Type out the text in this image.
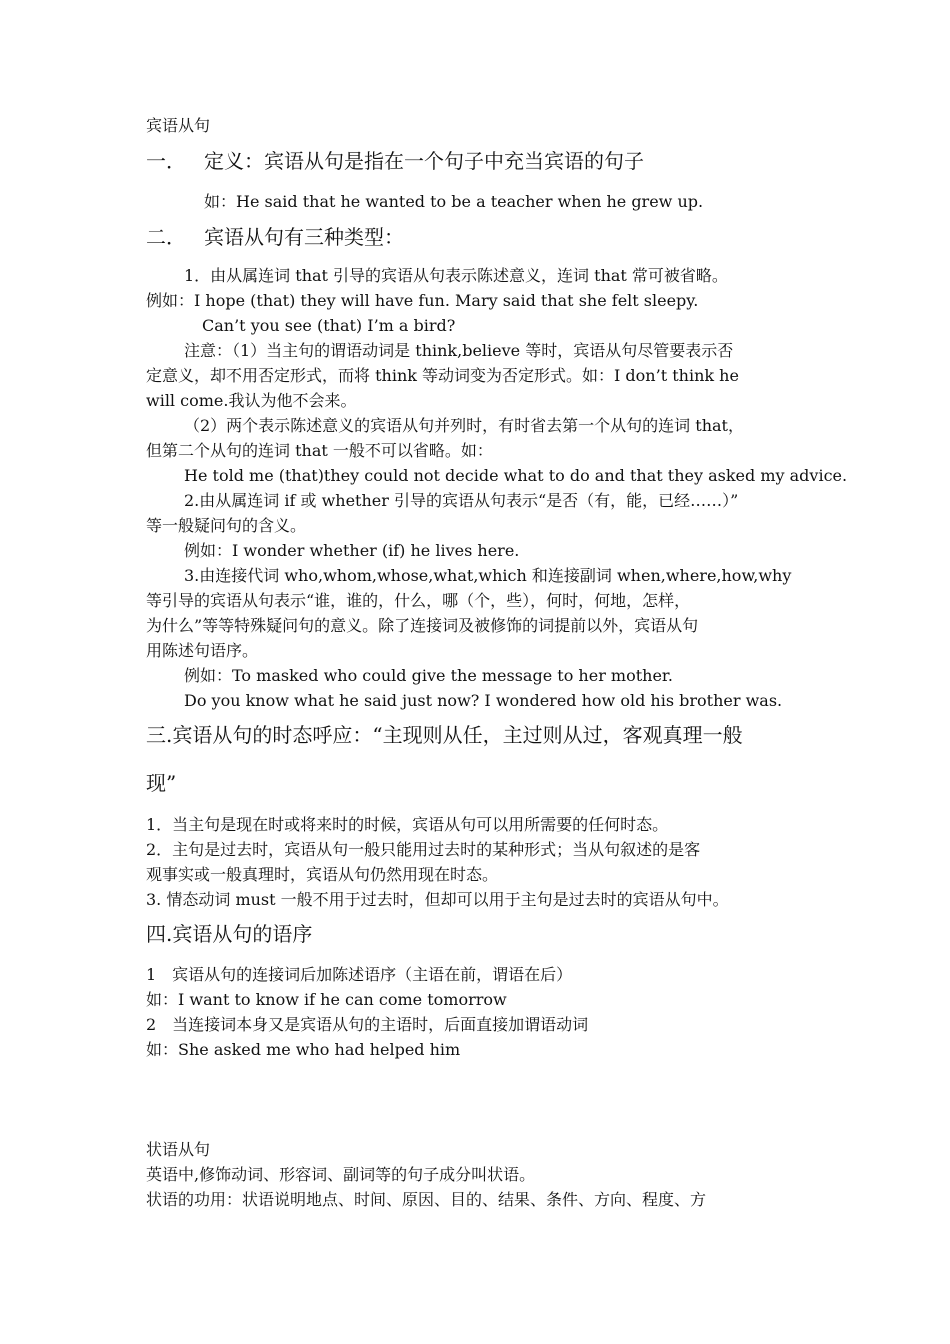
宾语从句
一． 定义：宾语从句是指在一个句子中充当宾语的句子
如：He said that he wanted to be a teacher when he grew up.
二． 宾语从句有三种类型：
1．由从属连词 that 引导的宾语从句表示陈述意义，连词 that 常可被省略。
例如：I hope (that) they will have fun. Mary said that she felt sleepy.
Can’t you see (that) I’m a bird?
注意：（1）当主句的谓语动词是 think,believe 等时，宾语从句尽管要表示否
定意义，却不用否定形式，而将 think 等动词变为否定形式。如：I don’t think he
will come.我认为他不会来。
（2）两个表示陈述意义的宾语从句并列时，有时省去第一个从句的连词 that，
但第二个从句的连词 that 一般不可以省略。如：
He told me (that)they could not decide what to do and that they asked my advice.
2.由从属连词 if 或 whether 引导的宾语从句表示“是否（有，能，已经……）”
等一般疑问句的含义。
例如：I wonder whether (if) he lives here.
3.由连接代词 who,whom,whose,what,which 和连接副词 when,where,how,why
等引导的宾语从句表示“谁，谁的，什么，哪（个，些），何时，何地，怎样，
为什么”等等特殊疑问句的意义。除了连接词及被修饰的词提前以外，宾语从句
用陈述句语序。
例如：To masked who could give the message to her mother.
Do you know what he said just now? I wondered how old his brother was.
三.宾语从句的时态呼应：“主现则从任，主过则从过，客观真理一般
现”
1．当主句是现在时或将来时的时候，宾语从句可以用所需要的任何时态。
2．主句是过去时，宾语从句一般只能用过去时的某种形式；当从句叙述的是客
观事实或一般真理时，宾语从句仍然用现在时态。
3. 情态动词 must 一般不用于过去时，但却可以用于主句是过去时的宾语从句中。
四.宾语从句的语序
1　宾语从句的连接词后加陈述语序（主语在前，谓语在后）
如：I want to know if he can come tomorrow
2　当连接词本身又是宾语从句的主语时，后面直接加谓语动词
如：She asked me who had helped him
状语从句
英语中,修饰动词、形容词、副词等的句子成分叫状语。
状语的功用：状语说明地点、时间、原因、目的、结果、条件、方向、程度、方
